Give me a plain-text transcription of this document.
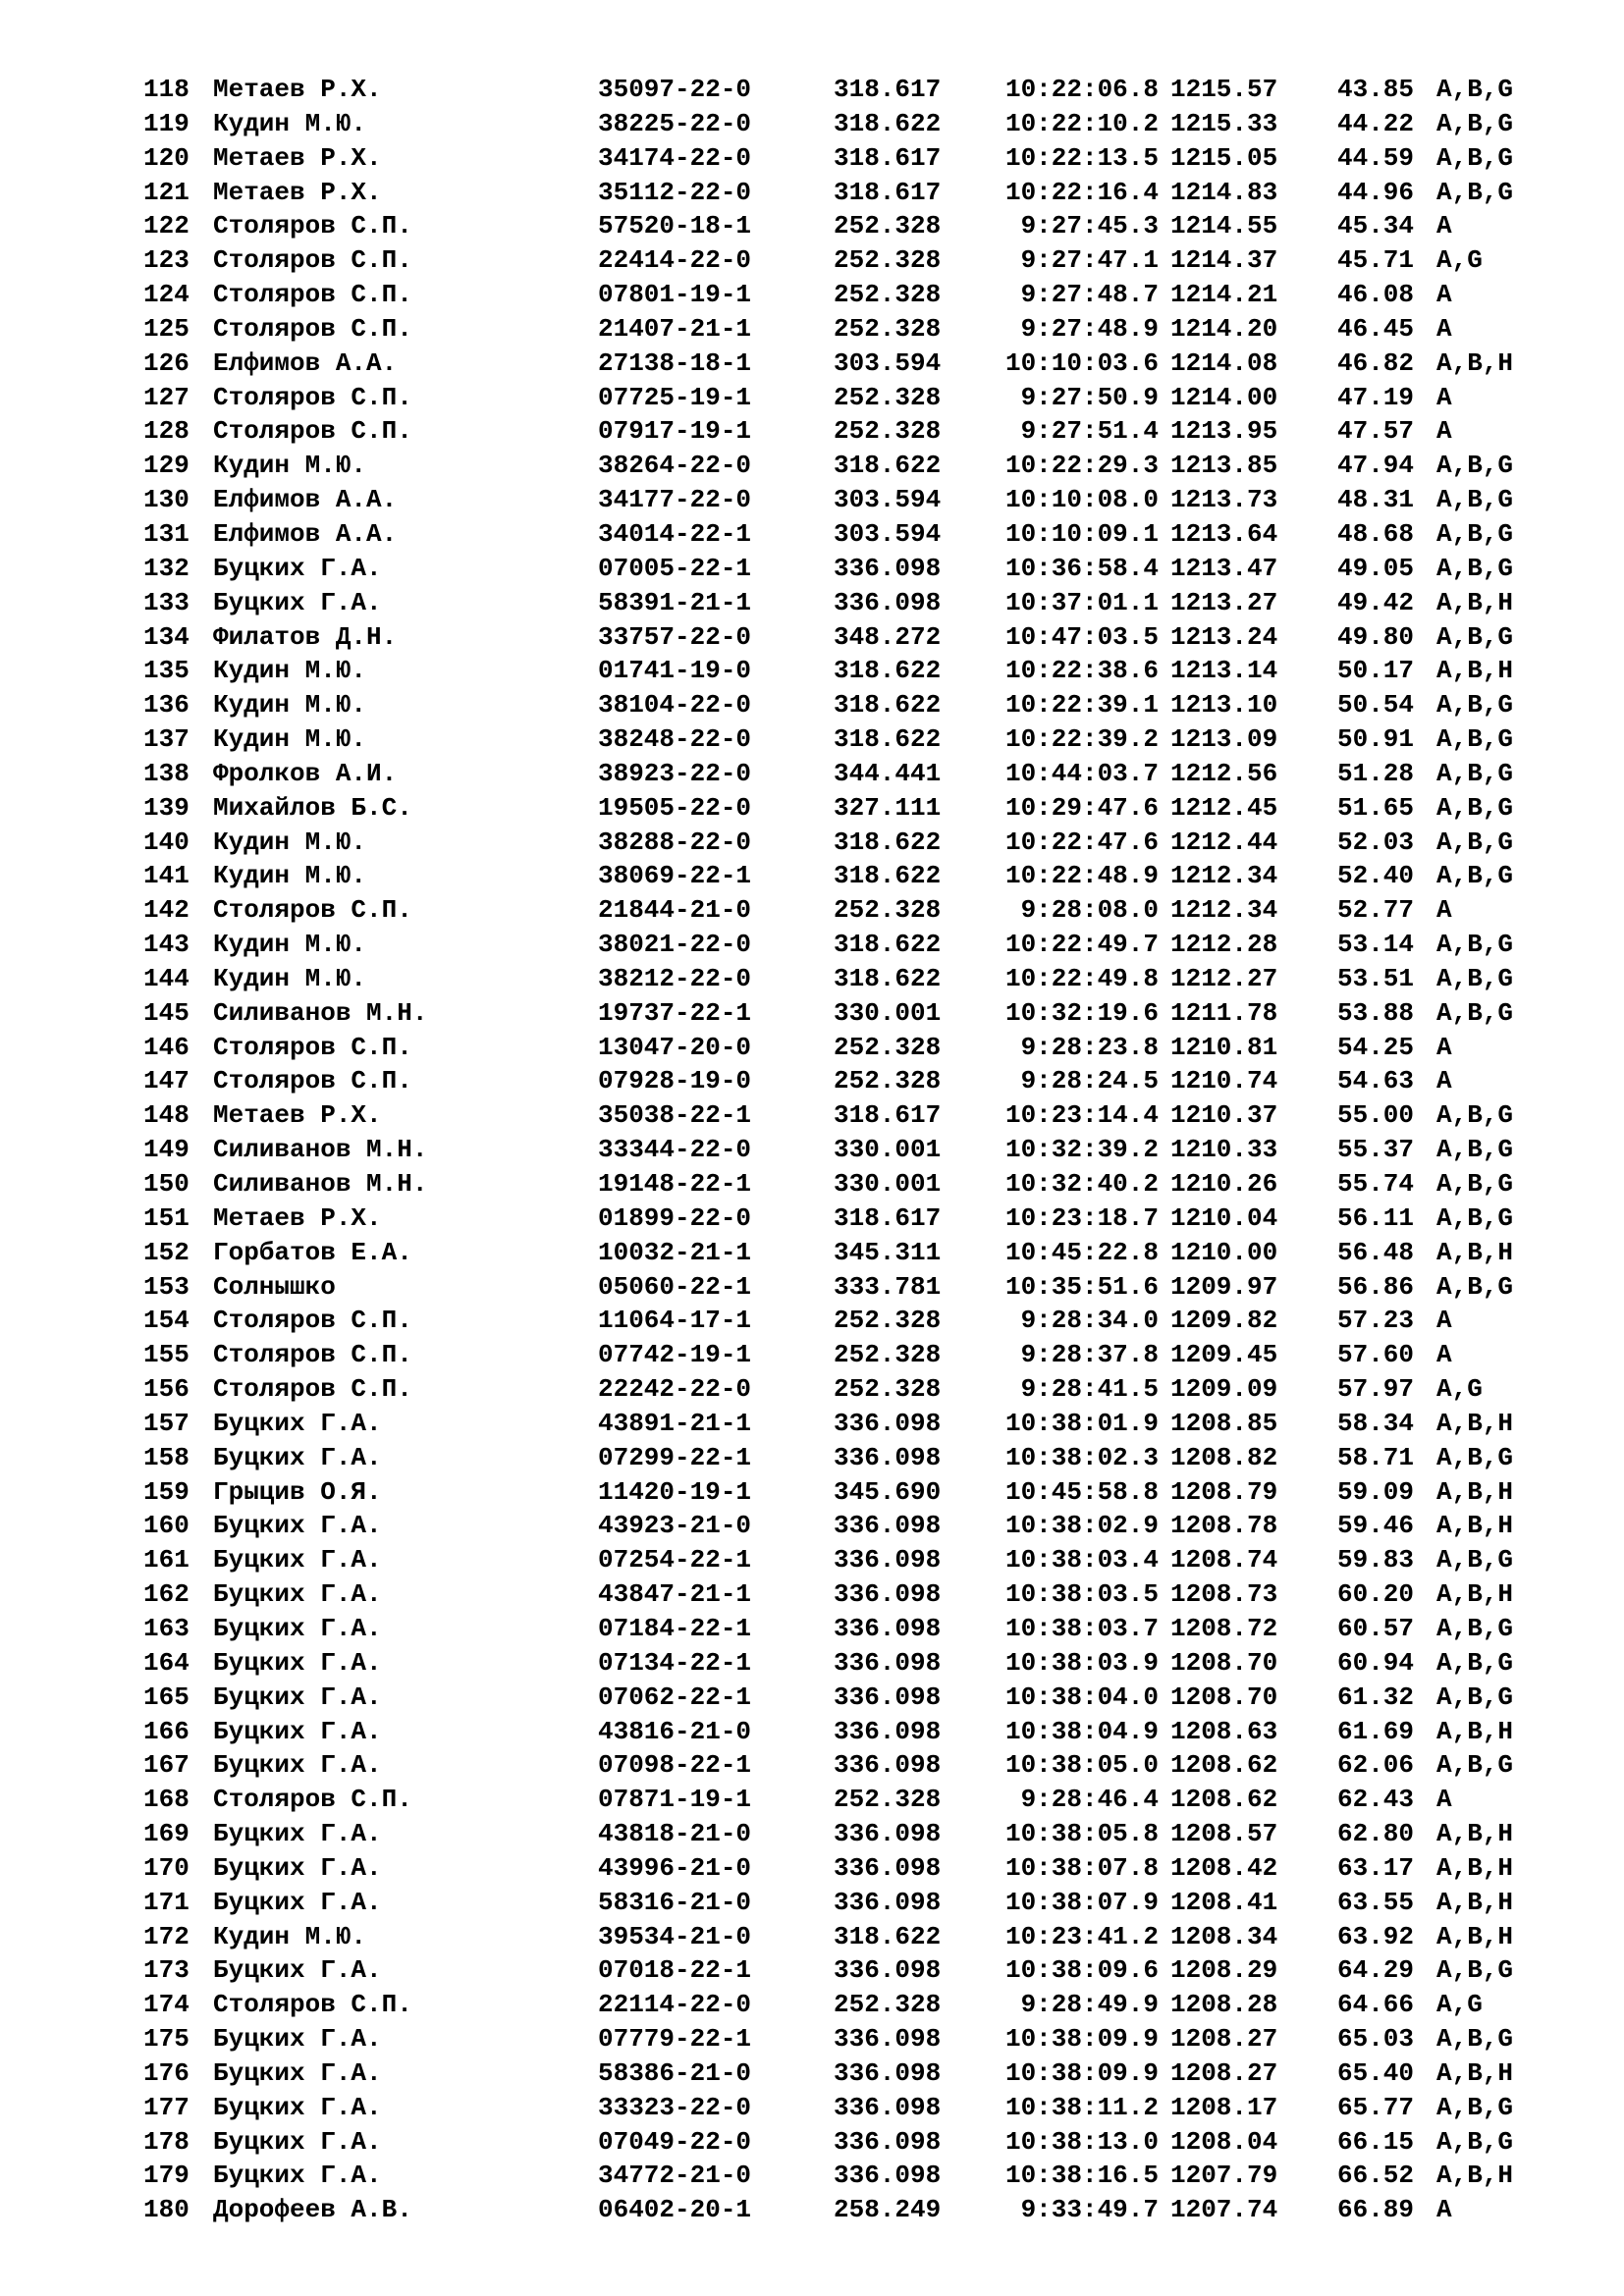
118 Метаев Р.Х.	35097-22-0	318.617	10:22:06.8 1215.57 43.85 A,B,G
119 Кудин М.Ю.	38225-22-0	318.622	10:22:10.2 1215.33 44.22 A,B,G
120 Метаев Р.Х.	34174-22-0	318.617	10:22:13.5 1215.05 44.59 A,B,G
121 Метаев Р.Х.	35112-22-0	318.617	10:22:16.4 1214.83 44.96 A,B,G
122 Столяров С.П.	57520-18-1	252.328	9:27:45.3 1214.55 45.34 A
123 Столяров С.П.	22414-22-0	252.328	9:27:47.1 1214.37 45.71 A,G
124 Столяров С.П.	07801-19-1	252.328	9:27:48.7 1214.21 46.08 A
125 Столяров С.П.	21407-21-1	252.328	9:27:48.9 1214.20 46.45 A
126 Елфимов А.А.	27138-18-1	303.594	10:10:03.6 1214.08 46.82 A,B,H
127 Столяров С.П.	07725-19-1	252.328	9:27:50.9 1214.00 47.19 A
128 Столяров С.П.	07917-19-1	252.328	9:27:51.4 1213.95 47.57 A
129 Кудин М.Ю.	38264-22-0	318.622	10:22:29.3 1213.85 47.94 A,B,G
130 Елфимов А.А.	34177-22-0	303.594	10:10:08.0 1213.73 48.31 A,B,G
131 Елфимов А.А.	34014-22-1	303.594	10:10:09.1 1213.64 48.68 A,B,G
132 Буцких Г.А.	07005-22-1	336.098	10:36:58.4 1213.47 49.05 A,B,G
133 Буцких Г.А.	58391-21-1	336.098	10:37:01.1 1213.27 49.42 A,B,H
134 Филатов Д.Н.	33757-22-0	348.272	10:47:03.5 1213.24 49.80 A,B,G
135 Кудин М.Ю.	01741-19-0	318.622	10:22:38.6 1213.14 50.17 A,B,H
136 Кудин М.Ю.	38104-22-0	318.622	10:22:39.1 1213.10 50.54 A,B,G
137 Кудин М.Ю.	38248-22-0	318.622	10:22:39.2 1213.09 50.91 A,B,G
138 Фролков А.И.	38923-22-0	344.441	10:44:03.7 1212.56 51.28 A,B,G
139 Михайлов Б.С.	19505-22-0	327.111	10:29:47.6 1212.45 51.65 A,B,G
140 Кудин М.Ю.	38288-22-0	318.622	10:22:47.6 1212.44 52.03 A,B,G
141 Кудин М.Ю.	38069-22-1	318.622	10:22:48.9 1212.34 52.40 A,B,G
142 Столяров С.П.	21844-21-0	252.328	9:28:08.0 1212.34 52.77 A
143 Кудин М.Ю.	38021-22-0	318.622	10:22:49.7 1212.28 53.14 A,B,G
144 Кудин М.Ю.	38212-22-0	318.622	10:22:49.8 1212.27 53.51 A,B,G
145 Силиванов М.Н.	19737-22-1	330.001	10:32:19.6 1211.78 53.88 A,B,G
146 Столяров С.П.	13047-20-0	252.328	9:28:23.8 1210.81 54.25 A
147 Столяров С.П.	07928-19-0	252.328	9:28:24.5 1210.74 54.63 A
148 Метаев Р.Х.	35038-22-1	318.617	10:23:14.4 1210.37 55.00 A,B,G
149 Силиванов М.Н.	33344-22-0	330.001	10:32:39.2 1210.33 55.37 A,B,G
150 Силиванов М.Н.	19148-22-1	330.001	10:32:40.2 1210.26 55.74 A,B,G
151 Метаев Р.Х.	01899-22-0	318.617	10:23:18.7 1210.04 56.11 A,B,G
152 Горбатов Е.А.	10032-21-1	345.311	10:45:22.8 1210.00 56.48 A,B,H
153 Солнышко	05060-22-1	333.781	10:35:51.6 1209.97 56.86 A,B,G
154 Столяров С.П.	11064-17-1	252.328	9:28:34.0 1209.82 57.23 A
155 Столяров С.П.	07742-19-1	252.328	9:28:37.8 1209.45 57.60 A
156 Столяров С.П.	22242-22-0	252.328	9:28:41.5 1209.09 57.97 A,G
157 Буцких Г.А.	43891-21-1	336.098	10:38:01.9 1208.85 58.34 A,B,H
158 Буцких Г.А.	07299-22-1	336.098	10:38:02.3 1208.82 58.71 A,B,G
159 Грыцив О.Я.	11420-19-1	345.690	10:45:58.8 1208.79 59.09 A,B,H
160 Буцких Г.А.	43923-21-0	336.098	10:38:02.9 1208.78 59.46 A,B,H
161 Буцких Г.А.	07254-22-1	336.098	10:38:03.4 1208.74 59.83 A,B,G
162 Буцких Г.А.	43847-21-1	336.098	10:38:03.5 1208.73 60.20 A,B,H
163 Буцких Г.А.	07184-22-1	336.098	10:38:03.7 1208.72 60.57 A,B,G
164 Буцких Г.А.	07134-22-1	336.098	10:38:03.9 1208.70 60.94 A,B,G
165 Буцких Г.А.	07062-22-1	336.098	10:38:04.0 1208.70 61.32 A,B,G
166 Буцких Г.А.	43816-21-0	336.098	10:38:04.9 1208.63 61.69 A,B,H
167 Буцких Г.А.	07098-22-1	336.098	10:38:05.0 1208.62 62.06 A,B,G
168 Столяров С.П.	07871-19-1	252.328	9:28:46.4 1208.62 62.43 A
169 Буцких Г.А.	43818-21-0	336.098	10:38:05.8 1208.57 62.80 A,B,H
170 Буцких Г.А.	43996-21-0	336.098	10:38:07.8 1208.42 63.17 A,B,H
171 Буцких Г.А.	58316-21-0	336.098	10:38:07.9 1208.41 63.55 A,B,H
172 Кудин М.Ю.	39534-21-0	318.622	10:23:41.2 1208.34 63.92 A,B,H
173 Буцких Г.А.	07018-22-1	336.098	10:38:09.6 1208.29 64.29 A,B,G
174 Столяров С.П.	22114-22-0	252.328	9:28:49.9 1208.28 64.66 A,G
175 Буцких Г.А.	07779-22-1	336.098	10:38:09.9 1208.27 65.03 A,B,G
176 Буцких Г.А.	58386-21-0	336.098	10:38:09.9 1208.27 65.40 A,B,H
177 Буцких Г.А.	33323-22-0	336.098	10:38:11.2 1208.17 65.77 A,B,G
178 Буцких Г.А.	07049-22-0	336.098	10:38:13.0 1208.04 66.15 A,B,G
179 Буцких Г.А.	34772-21-0	336.098	10:38:16.5 1207.79 66.52 A,B,H
180 Дорофеев А.В.	06402-20-1	258.249	9:33:49.7 1207.74 66.89 A
